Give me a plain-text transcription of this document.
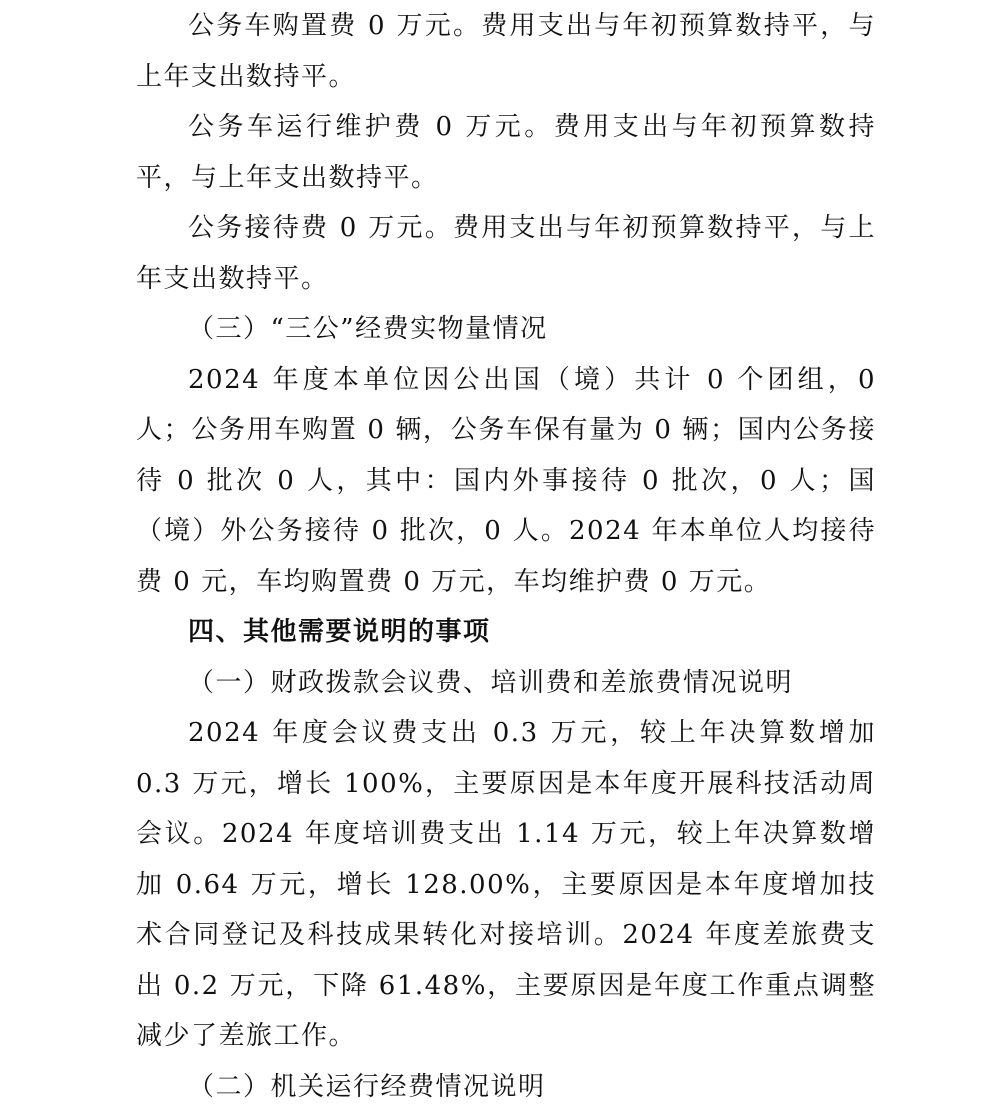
公务车购置费 0 万元。费用支出与年初预算数持平，与上年支出数持平。

公务车运行维护费 0 万元。费用支出与年初预算数持平，与上年支出数持平。

公务接待费 0 万元。费用支出与年初预算数持平，与上年支出数持平。

（三）“三公”经费实物量情况

2024 年度本单位因公出国（境）共计 0 个团组，0 人；公务用车购置 0 辆，公务车保有量为 0 辆；国内公务接待 0 批次 0 人，其中：国内外事接待 0 批次，0 人；国（境）外公务接待 0 批次，0 人。2024 年本单位人均接待费 0 元，车均购置费 0 万元，车均维护费 0 万元。

四、其他需要说明的事项

（一）财政拨款会议费、培训费和差旅费情况说明

2024 年度会议费支出 0.3 万元，较上年决算数增加 0.3 万元，增长 100%，主要原因是本年度开展科技活动周会议。2024 年度培训费支出 1.14 万元，较上年决算数增加 0.64 万元，增长 128.00%，主要原因是本年度增加技术合同登记及科技成果转化对接培训。2024 年度差旅费支出 0.2 万元，下降 61.48%，主要原因是年度工作重点调整减少了差旅工作。

（二）机关运行经费情况说明
